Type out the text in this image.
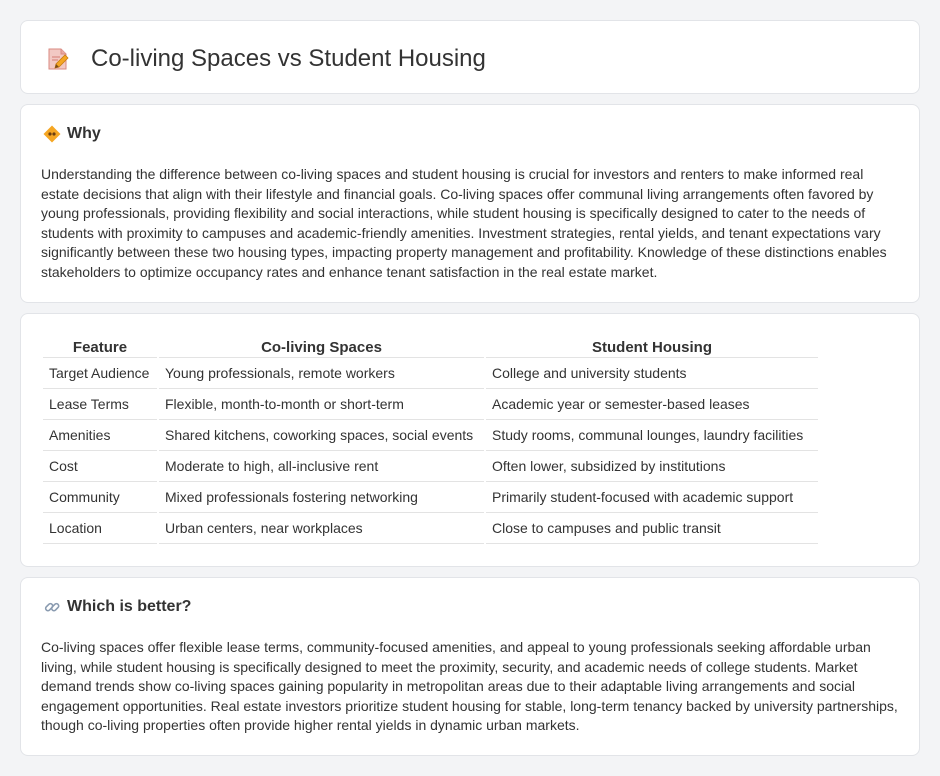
Co-living Spaces vs Student Housing
Why

Understanding the difference between co-living spaces and student housing is crucial for investors and renters to make informed real estate decisions that align with their lifestyle and financial goals. Co-living spaces offer communal living arrangements often favored by young professionals, providing flexibility and social interactions, while student housing is specifically designed to cater to the needs of students with proximity to campuses and academic-friendly amenities. Investment strategies, rental yields, and tenant expectations vary significantly between these two housing types, impacting property management and profitability. Knowledge of these distinctions enables stakeholders to optimize occupancy rates and enhance tenant satisfaction in the real estate market.

Feature	Co-living Spaces	Student Housing
Target Audience	Young professionals, remote workers	College and university students
Lease Terms	Flexible, month-to-month or short-term	Academic year or semester-based leases
Amenities	Shared kitchens, coworking spaces, social events	Study rooms, communal lounges, laundry facilities
Cost	Moderate to high, all-inclusive rent	Often lower, subsidized by institutions
Community	Mixed professionals fostering networking	Primarily student-focused with academic support
Location	Urban centers, near workplaces	Close to campuses and public transit
Which is better?

Co-living spaces offer flexible lease terms, community-focused amenities, and appeal to young professionals seeking affordable urban living, while student housing is specifically designed to meet the proximity, security, and academic needs of college students. Market demand trends show co-living spaces gaining popularity in metropolitan areas due to their adaptable living arrangements and social engagement opportunities. Real estate investors prioritize student housing for stable, long-term tenancy backed by university partnerships, though co-living properties often provide higher rental yields in dynamic urban markets.
